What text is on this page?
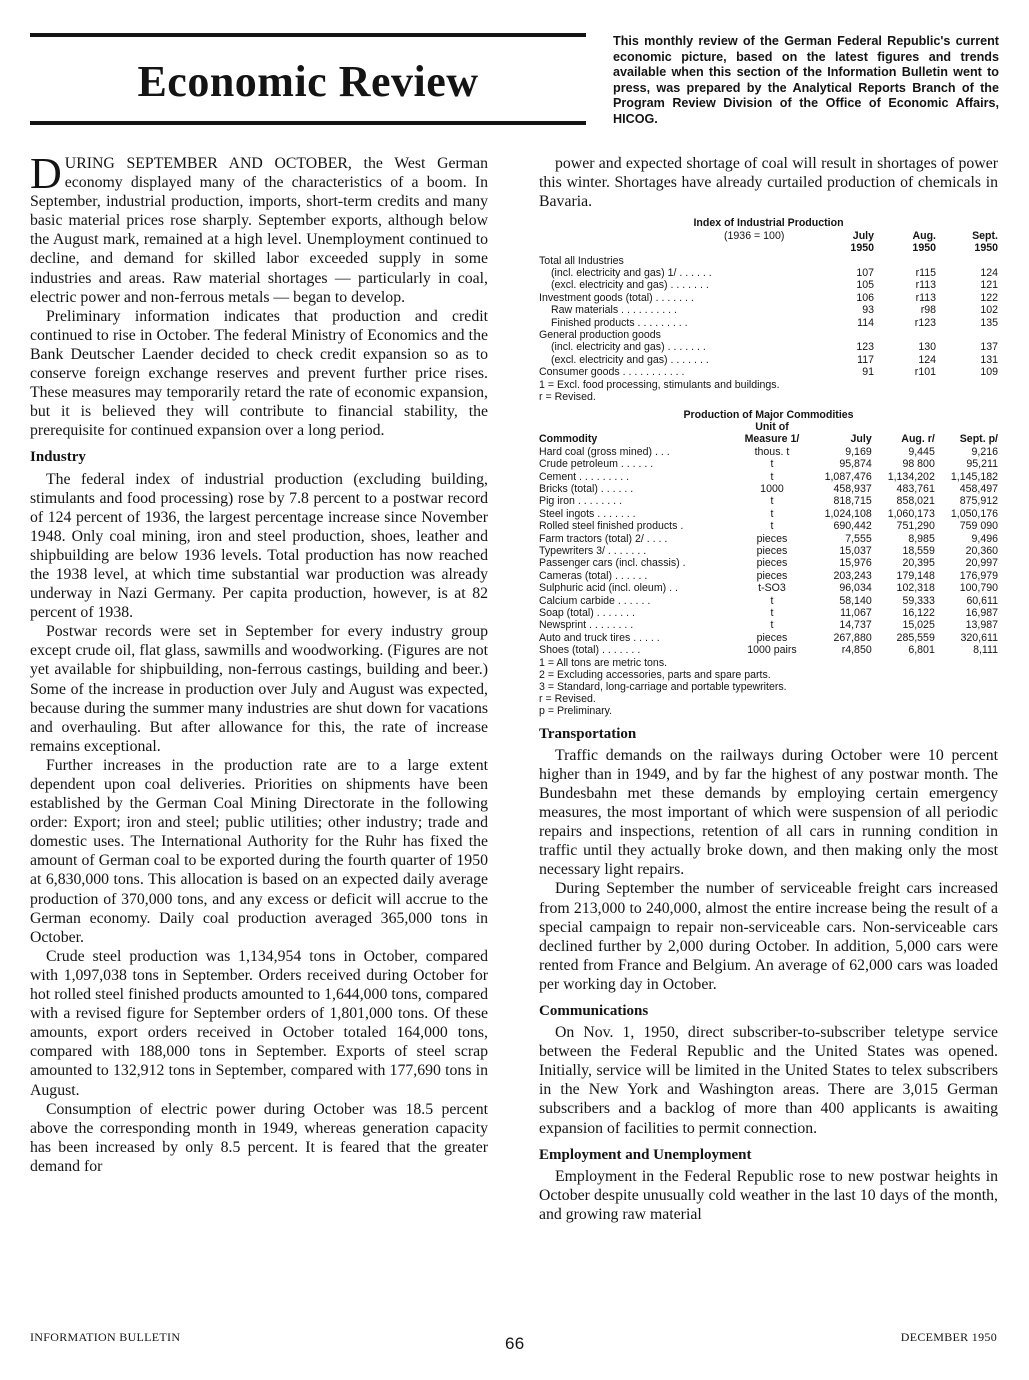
Economic Review
This monthly review of the German Federal Republic's current economic picture, based on the latest figures and trends available when this section of the Information Bulletin went to press, was prepared by the Analytical Reports Branch of the Program Review Division of the Office of Economic Affairs, HICOG.

DURING SEPTEMBER AND OCTOBER, the West German economy displayed many of the characteristics of a boom. In September, industrial production, imports, short-term credits and many basic material prices rose sharply. September exports, although below the August mark, remained at a high level. Unemployment continued to decline, and demand for skilled labor exceeded supply in some industries and areas. Raw material shortages — particularly in coal, electric power and non-ferrous metals — began to develop.

Preliminary information indicates that production and credit continued to rise in October. The federal Ministry of Economics and the Bank Deutscher Laender decided to check credit expansion so as to conserve foreign exchange reserves and prevent further price rises. These measures may temporarily retard the rate of economic expansion, but it is believed they will contribute to financial stability, the prerequisite for continued expansion over a long period.

Industry

The federal index of industrial production (excluding building, stimulants and food processing) rose by 7.8 percent to a postwar record of 124 percent of 1936, the largest percentage increase since November 1948. Only coal mining, iron and steel production, shoes, leather and shipbuilding are below 1936 levels. Total production has now reached the 1938 level, at which time substantial war production was already underway in Nazi Germany. Per capita production, however, is at 82 percent of 1938.

Postwar records were set in September for every industry group except crude oil, flat glass, sawmills and woodworking. (Figures are not yet available for shipbuilding, non-ferrous castings, building and beer.) Some of the increase in production over July and August was expected, because during the summer many industries are shut down for vacations and overhauling. But after allowance for this, the rate of increase remains exceptional.

Further increases in the production rate are to a large extent dependent upon coal deliveries. Priorities on shipments have been established by the German Coal Mining Directorate in the following order: Export; iron and steel; public utilities; other industry; trade and domestic uses. The International Authority for the Ruhr has fixed the amount of German coal to be exported during the fourth quarter of 1950 at 6,830,000 tons. This allocation is based on an expected daily average production of 370,000 tons, and any excess or deficit will accrue to the German economy. Daily coal production averaged 365,000 tons in October.

Crude steel production was 1,134,954 tons in October, compared with 1,097,038 tons in September. Orders received during October for hot rolled steel finished products amounted to 1,644,000 tons, compared with a revised figure for September orders of 1,801,000 tons. Of these amounts, export orders received in October totaled 164,000 tons, compared with 188,000 tons in September. Exports of steel scrap amounted to 132,912 tons in September, compared with 177,690 tons in August.

Consumption of electric power during October was 18.5 percent above the corresponding month in 1949, whereas generation capacity has been increased by only 8.5 percent. It is feared that the greater demand for

power and expected shortage of coal will result in shortages of power this winter. Shortages have already curtailed production of chemicals in Bavaria.

Index of Industrial Production
(1936 = 100)	July	Aug.	Sept.
	1950	1950	1950
Total all Industries			
(incl. electricity and gas) 1/ . . . . . .	107	r115	124
(excl. electricity and gas) . . . . . . .	105	r113	121
Investment goods (total) . . . . . . .	106	r113	122
Raw materials . . . . . . . . . .	93	r98	102
Finished products . . . . . . . . .	114	r123	135
General production goods			
(incl. electricity and gas) . . . . . . .	123	130	137
(excl. electricity and gas) . . . . . . .	117	124	131
Consumer goods . . . . . . . . . . .	91	r101	109
1 = Excl. food processing, stimulants and buildings.
r = Revised.
Production of Major Commodities
	Unit of			
Commodity	Measure 1/	July	Aug. r/	Sept. p/
Hard coal (gross mined) . . .	thous. t	9,169	9,445	9,216
Crude petroleum . . . . . .	t	95,874	98 800	95,211
Cement . . . . . . . . .	t	1,087,476	1,134,202	1,145,182
Bricks (total) . . . . . .	1000	458,937	483,761	458,497
Pig iron . . . . . . . .	t	818,715	858,021	875,912
Steel ingots . . . . . . .	t	1,024,108	1,060,173	1,050,176
Rolled steel finished products .	t	690,442	751,290	759 090
Farm tractors (total) 2/ . . . .	pieces	7,555	8,985	9,496
Typewriters 3/ . . . . . . .	pieces	15,037	18,559	20,360
Passenger cars (incl. chassis) .	pieces	15,976	20,395	20,997
Cameras (total) . . . . . .	pieces	203,243	179,148	176,979
Sulphuric acid (incl. oleum) . .	t-SO3	96,034	102,318	100,790
Calcium carbide . . . . . .	t	58,140	59,333	60,611
Soap (total) . . . . . . .	t	11,067	16,122	16,987
Newsprint . . . . . . . .	t	14,737	15,025	13,987
Auto and truck tires . . . . .	pieces	267,880	285,559	320,611
Shoes (total) . . . . . . .	1000 pairs	r4,850	6,801	8,111
1 = All tons are metric tons.
2 = Excluding accessories, parts and spare parts.
3 = Standard, long-carriage and portable typewriters.
r = Revised.
p = Preliminary.
Transportation

Traffic demands on the railways during October were 10 percent higher than in 1949, and by far the highest of any postwar month. The Bundesbahn met these demands by employing certain emergency measures, the most important of which were suspension of all periodic repairs and inspections, retention of all cars in running condition in traffic until they actually broke down, and then making only the most necessary light repairs.

During September the number of serviceable freight cars increased from 213,000 to 240,000, almost the entire increase being the result of a special campaign to repair non-serviceable cars. Non-serviceable cars declined further by 2,000 during October. In addition, 5,000 cars were rented from France and Belgium. An average of 62,000 cars was loaded per working day in October.

Communications

On Nov. 1, 1950, direct subscriber-to-subscriber teletype service between the Federal Republic and the United States was opened. Initially, service will be limited in the United States to telex subscribers in the New York and Washington areas. There are 3,015 German subscribers and a backlog of more than 400 applicants is awaiting expansion of facilities to permit connection.

Employment and Unemployment

Employment in the Federal Republic rose to new postwar heights in October despite unusually cold weather in the last 10 days of the month, and growing raw material

INFORMATION BULLETIN	66	DECEMBER 1950
